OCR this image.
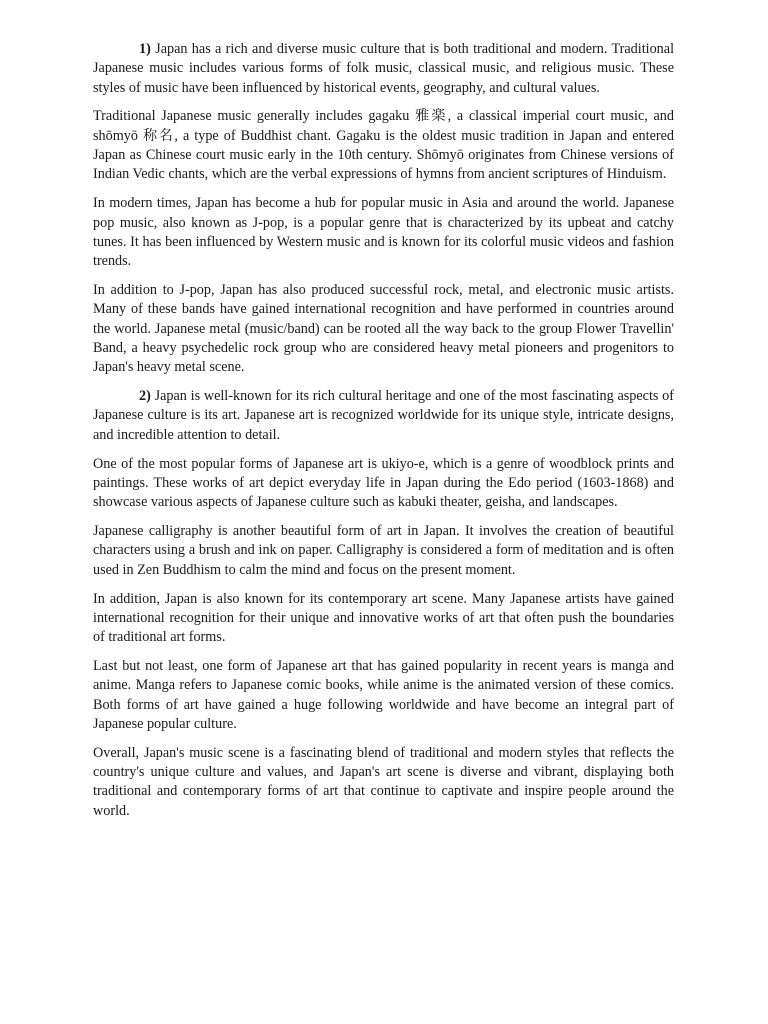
1) Japan has a rich and diverse music culture that is both traditional and modern. Traditional Japanese music includes various forms of folk music, classical music, and religious music. These styles of music have been influenced by historical events, geography, and cultural values.

Traditional Japanese music generally includes gagaku 雅楽, a classical imperial court music, and shōmyō 称名, a type of Buddhist chant. Gagaku is the oldest music tradition in Japan and entered Japan as Chinese court music early in the 10th century. Shōmyō originates from Chinese versions of Indian Vedic chants, which are the verbal expressions of hymns from ancient scriptures of Hinduism.

In modern times, Japan has become a hub for popular music in Asia and around the world. Japanese pop music, also known as J-pop, is a popular genre that is characterized by its upbeat and catchy tunes. It has been influenced by Western music and is known for its colorful music videos and fashion trends.

In addition to J-pop, Japan has also produced successful rock, metal, and electronic music artists. Many of these bands have gained international recognition and have performed in countries around the world. Japanese metal (music/band) can be rooted all the way back to the group Flower Travellin' Band, a heavy psychedelic rock group who are considered heavy metal pioneers and progenitors to Japan's heavy metal scene.

2) Japan is well-known for its rich cultural heritage and one of the most fascinating aspects of Japanese culture is its art. Japanese art is recognized worldwide for its unique style, intricate designs, and incredible attention to detail.

One of the most popular forms of Japanese art is ukiyo-e, which is a genre of woodblock prints and paintings. These works of art depict everyday life in Japan during the Edo period (1603-1868) and showcase various aspects of Japanese culture such as kabuki theater, geisha, and landscapes.

Japanese calligraphy is another beautiful form of art in Japan. It involves the creation of beautiful characters using a brush and ink on paper. Calligraphy is considered a form of meditation and is often used in Zen Buddhism to calm the mind and focus on the present moment.

In addition, Japan is also known for its contemporary art scene. Many Japanese artists have gained international recognition for their unique and innovative works of art that often push the boundaries of traditional art forms.

Last but not least, one form of Japanese art that has gained popularity in recent years is manga and anime. Manga refers to Japanese comic books, while anime is the animated version of these comics. Both forms of art have gained a huge following worldwide and have become an integral part of Japanese popular culture.

Overall, Japan's music scene is a fascinating blend of traditional and modern styles that reflects the country's unique culture and values, and Japan's art scene is diverse and vibrant, displaying both traditional and contemporary forms of art that continue to captivate and inspire people around the world.
